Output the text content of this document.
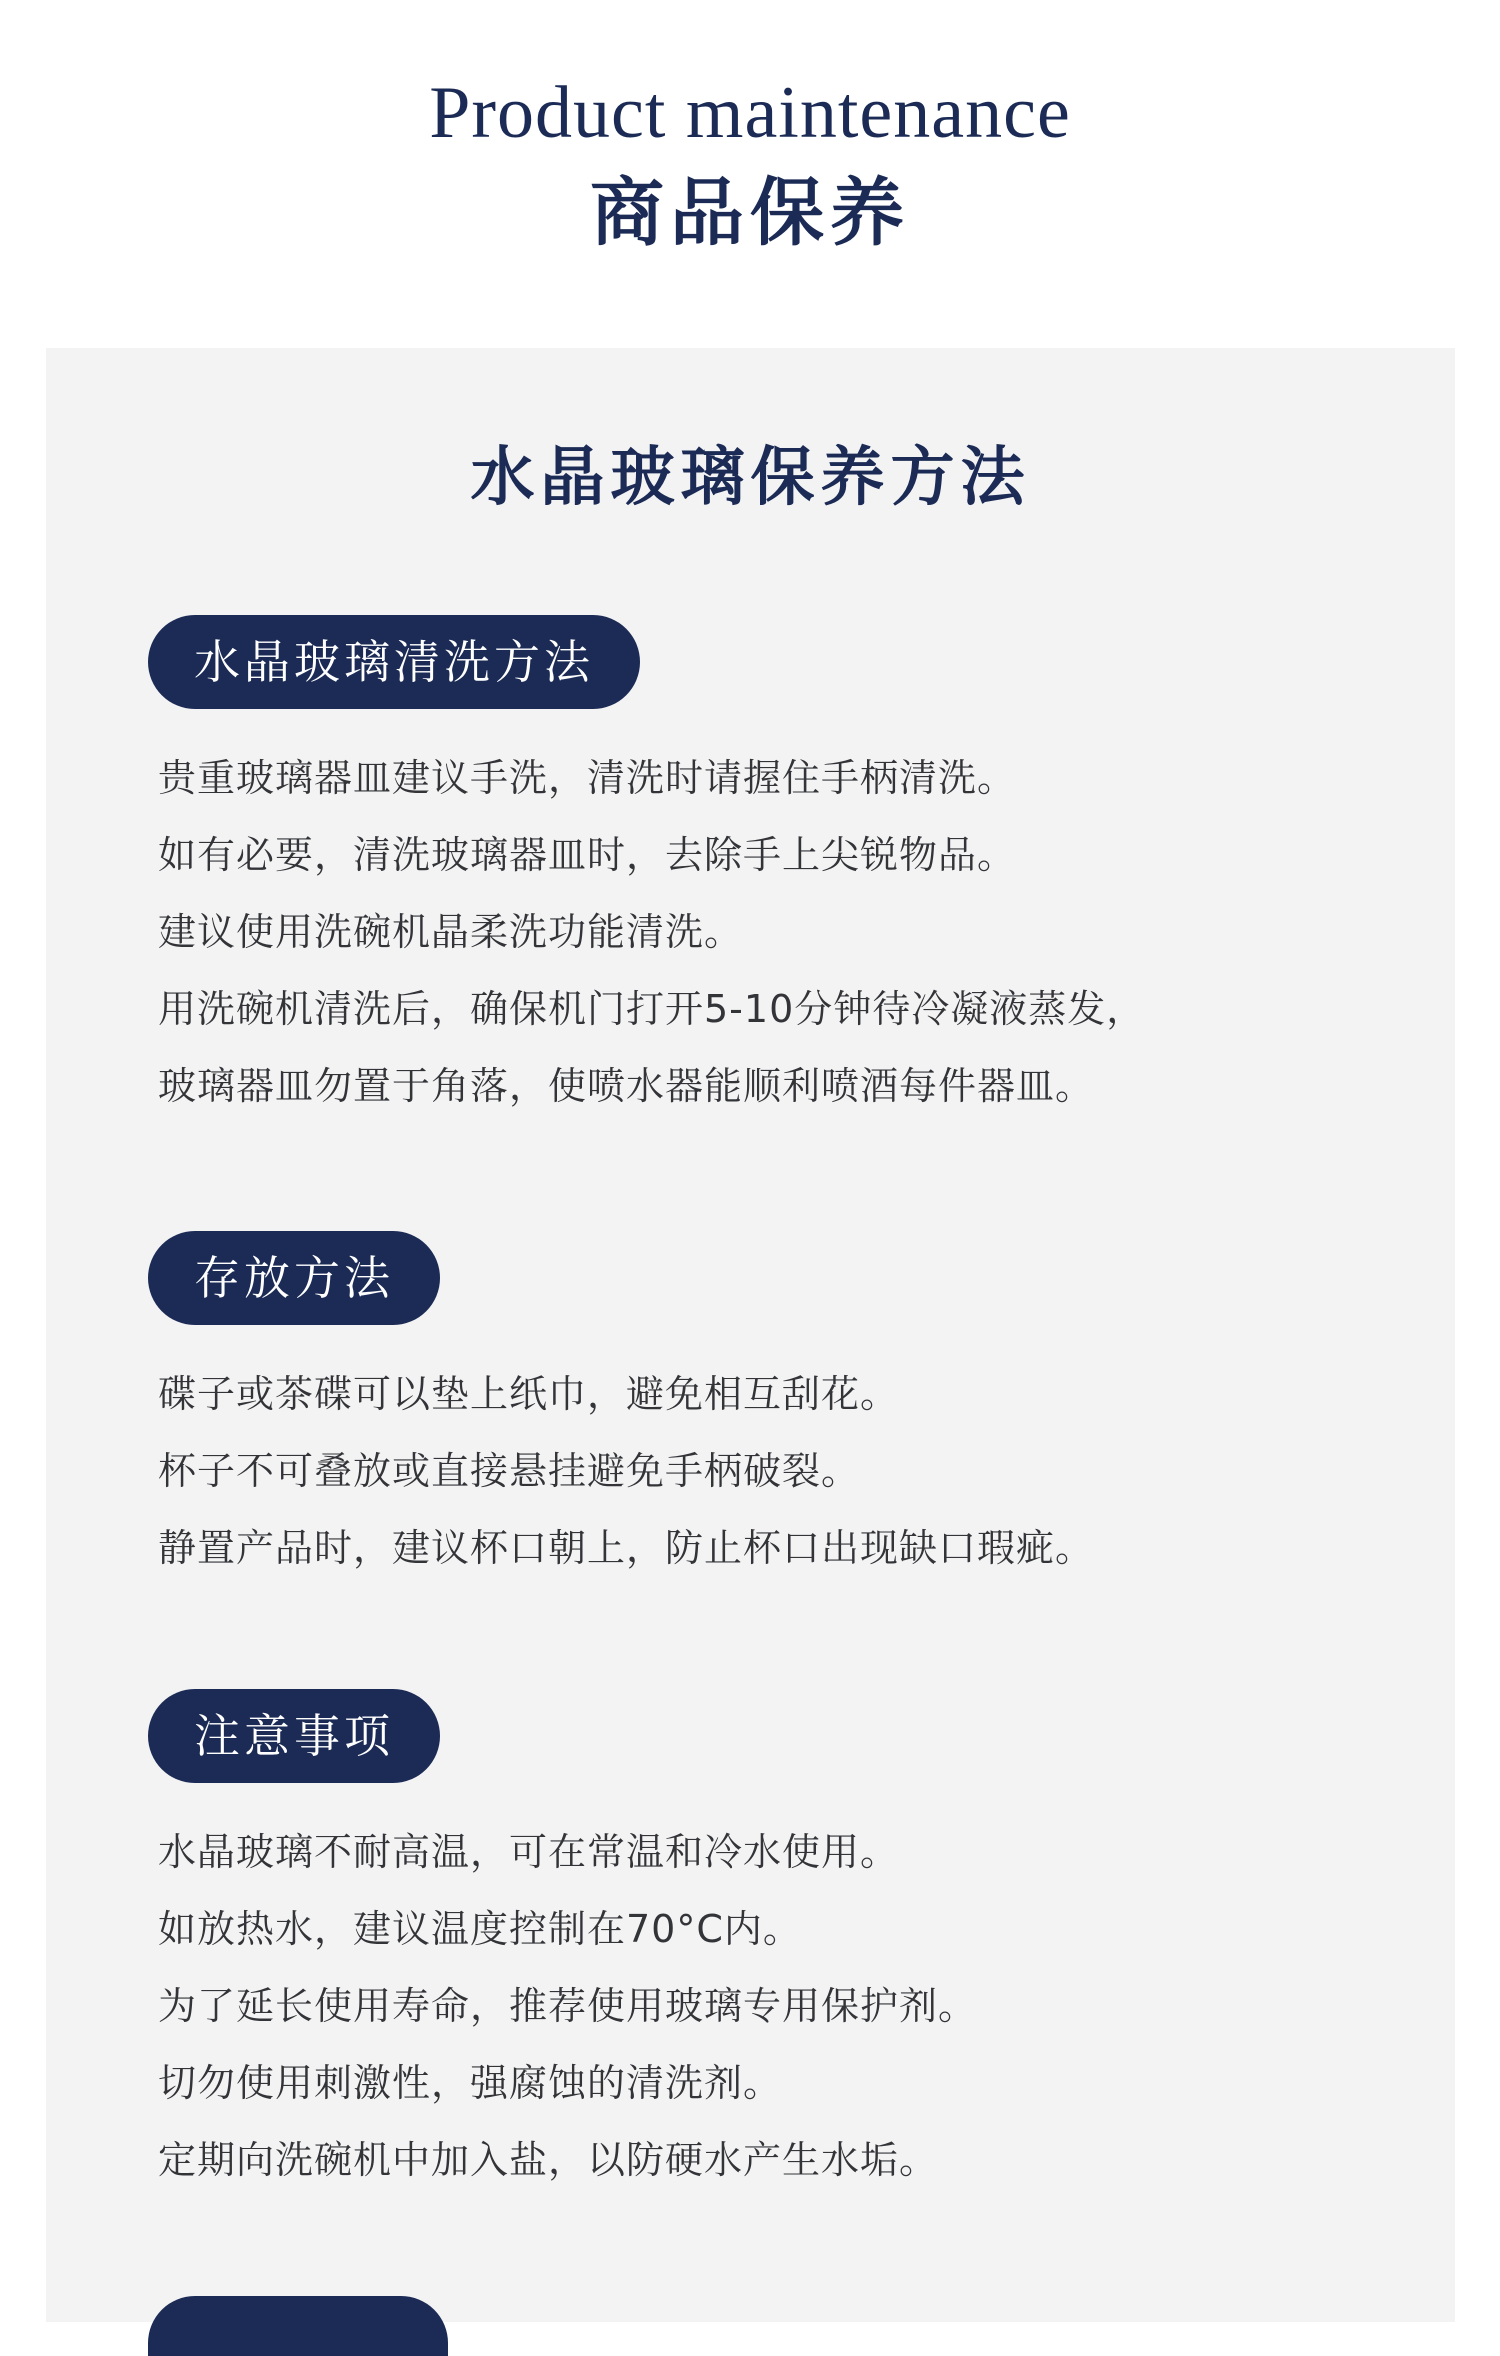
Product maintenance
商品保养
水晶玻璃保养方法
水晶玻璃清洗方法
贵重玻璃器皿建议手洗，清洗时请握住手柄清洗。
如有必要，清洗玻璃器皿时，去除手上尖锐物品。
建议使用洗碗机晶柔洗功能清洗。
用洗碗机清洗后，确保机门打开5-10分钟待冷凝液蒸发，
玻璃器皿勿置于角落，使喷水器能顺利喷酒每件器皿。
存放方法
碟子或茶碟可以垫上纸巾，避免相互刮花。
杯子不可叠放或直接悬挂避免手柄破裂。
静置产品时，建议杯口朝上，防止杯口出现缺口瑕疵。
注意事项
水晶玻璃不耐高温，可在常温和冷水使用。
如放热水，建议温度控制在70°C内。
为了延长使用寿命，推荐使用玻璃专用保护剂。
切勿使用刺激性，强腐蚀的清洗剂。
定期向洗碗机中加入盐，以防硬水产生水垢。
